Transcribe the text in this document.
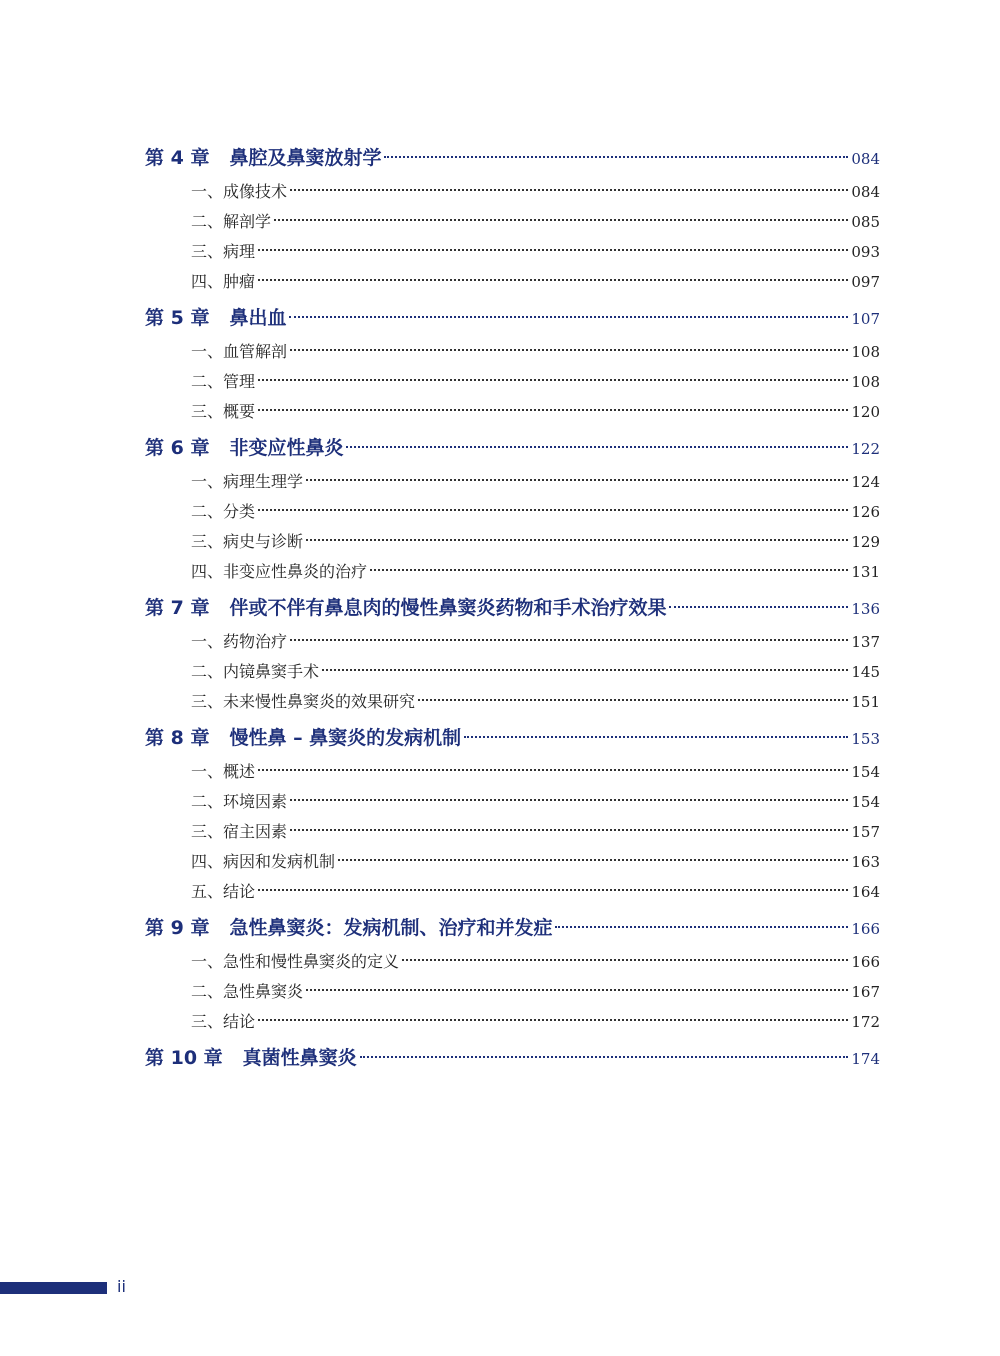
第 4 章 鼻腔及鼻窦放射学	084
一、成像技术	084
二、解剖学	085
三、病理	093
四、肿瘤	097
第 5 章 鼻出血	107
一、血管解剖	108
二、管理	108
三、概要	120
第 6 章 非变应性鼻炎	122
一、病理生理学	124
二、分类	126
三、病史与诊断	129
四、非变应性鼻炎的治疗	131
第 7 章 伴或不伴有鼻息肉的慢性鼻窦炎药物和手术治疗效果	136
一、药物治疗	137
二、内镜鼻窦手术	145
三、未来慢性鼻窦炎的效果研究	151
第 8 章 慢性鼻 – 鼻窦炎的发病机制	153
一、概述	154
二、环境因素	154
三、宿主因素	157
四、病因和发病机制	163
五、结论	164
第 9 章 急性鼻窦炎：发病机制、治疗和并发症	166
一、急性和慢性鼻窦炎的定义	166
二、急性鼻窦炎	167
三、结论	172
第 10 章 真菌性鼻窦炎	174
ii
